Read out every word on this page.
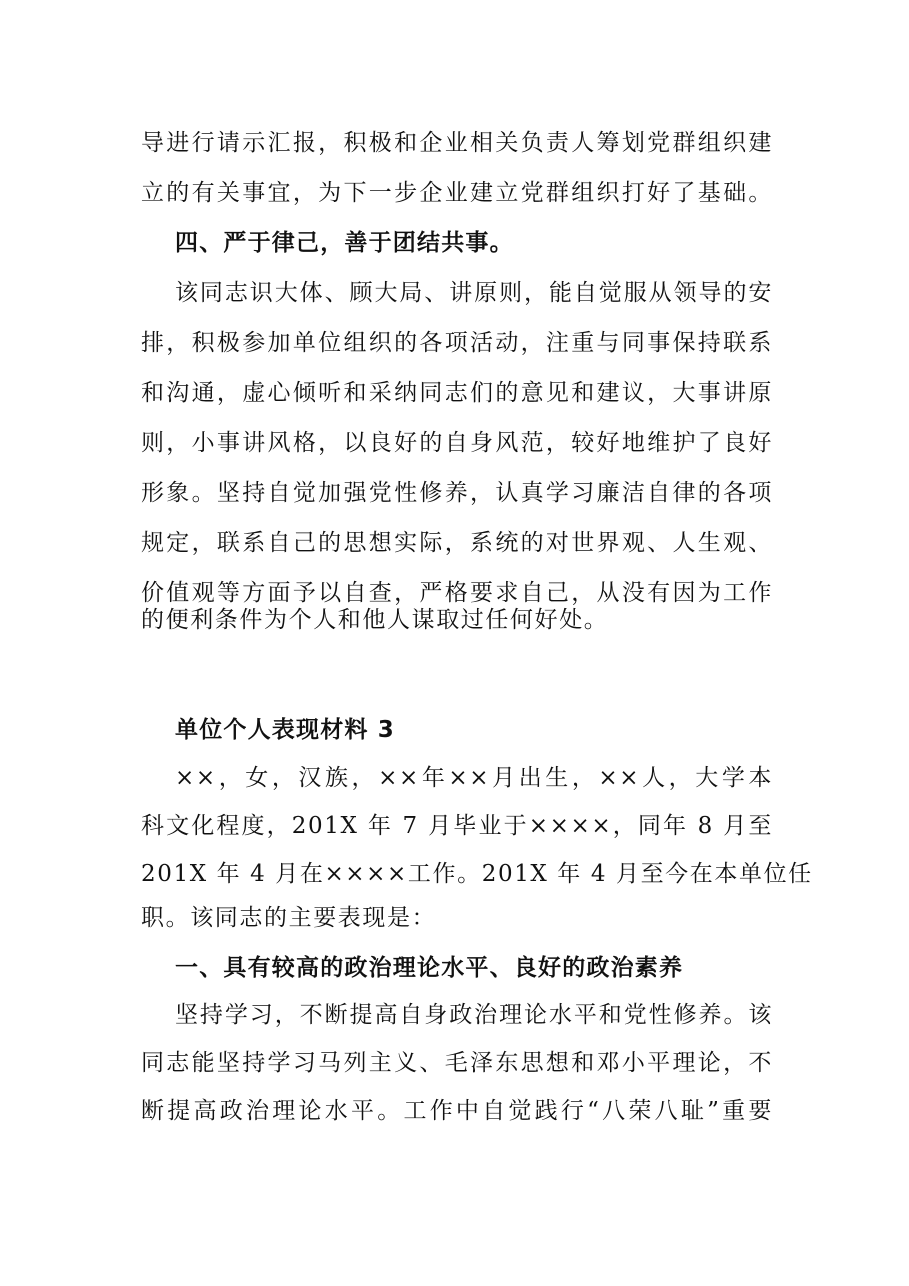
导进行请示汇报，积极和企业相关负责人筹划党群组织建
立的有关事宜，为下一步企业建立党群组织打好了基础。
四、严于律己，善于团结共事。
该同志识大体、顾大局、讲原则，能自觉服从领导的安
排，积极参加单位组织的各项活动，注重与同事保持联系
和沟通，虚心倾听和采纳同志们的意见和建议，大事讲原
则，小事讲风格，以良好的自身风范，较好地维护了良好
形象。坚持自觉加强党性修养，认真学习廉洁自律的各项
规定，联系自己的思想实际，系统的对世界观、人生观、
价值观等方面予以自查，严格要求自己，从没有因为工作
的便利条件为个人和他人谋取过任何好处。
单位个人表现材料 3
××，女，汉族，××年××月出生，××人，大学本
科文化程度，201X 年 7 月毕业于××××，同年 8 月至
201X 年 4 月在××××工作。201X 年 4 月至今在本单位任
职。该同志的主要表现是：
一、具有较高的政治理论水平、良好的政治素养
坚持学习，不断提高自身政治理论水平和党性修养。该
同志能坚持学习马列主义、毛泽东思想和邓小平理论，不
断提高政治理论水平。工作中自觉践行“八荣八耻”重要
